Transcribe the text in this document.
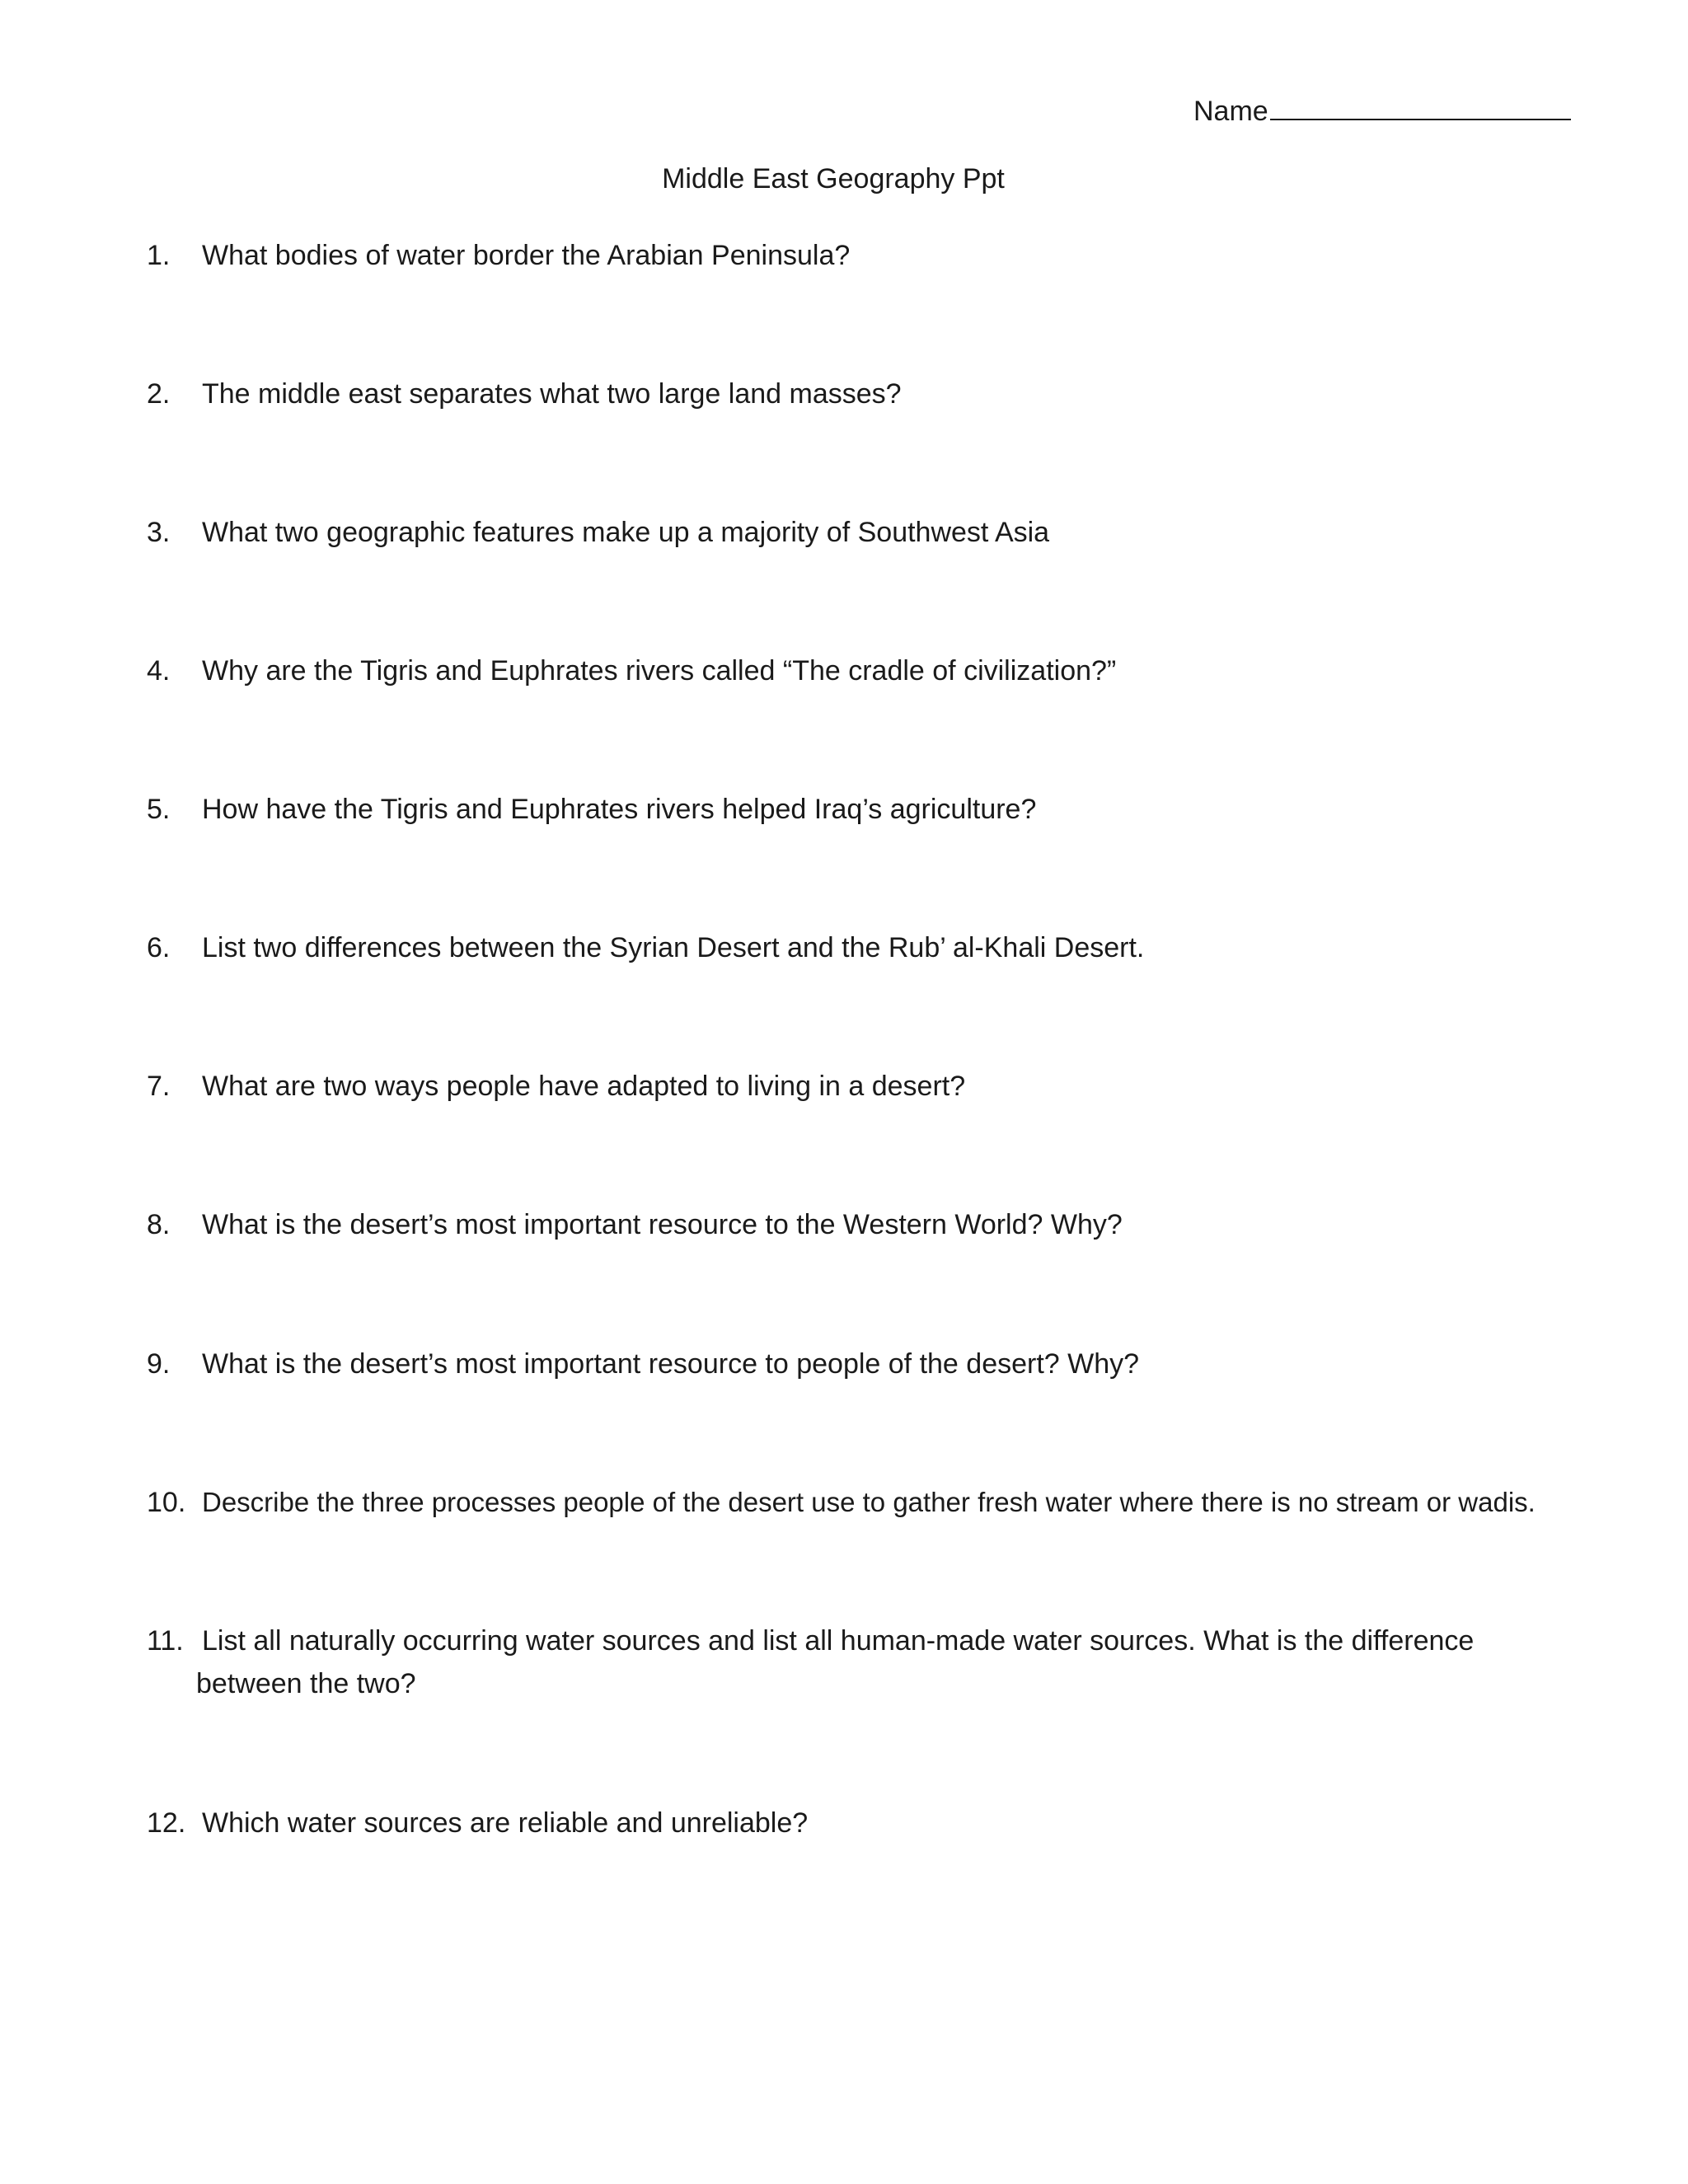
Name
Middle East Geography Ppt
1. What bodies of water border the Arabian Peninsula?
2. The middle east separates what two large land masses?
3. What two geographic features make up a majority of Southwest Asia
4. Why are the Tigris and Euphrates rivers called “The cradle of civilization?”
5. How have the Tigris and Euphrates rivers helped Iraq’s agriculture?
6. List two differences between the Syrian Desert and the Rub’ al-Khali Desert.
7. What are two ways people have adapted to living in a desert?
8. What is the desert’s most important resource to the Western World? Why?
9. What is the desert’s most important resource to people of the desert? Why?
10. Describe the three processes people of the desert use to gather fresh water where there is no stream or wadis.
11. List all naturally occurring water sources and list all human-made water sources. What is the difference
between the two?
12. Which water sources are reliable and unreliable?
